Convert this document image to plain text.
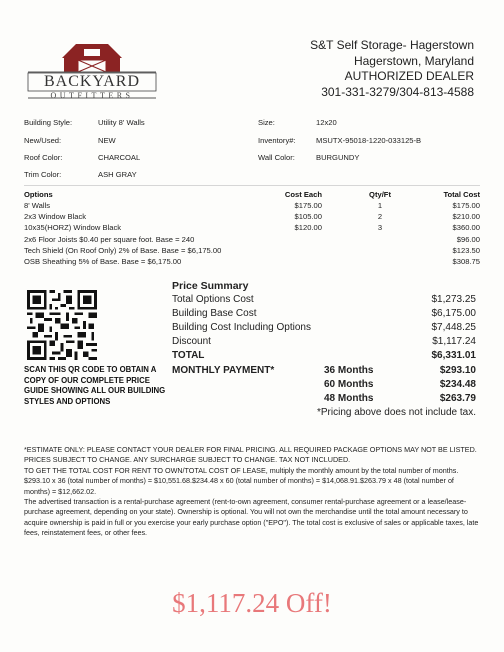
BACKYARD
OUTFITTERS
S&T Self Storage- Hagerstown
Hagerstown, Maryland
AUTHORIZED DEALER
301-331-3279/304-813-4588
Building Style:	Utility 8' Walls	Size:	12x20
New/Used:	NEW	Inventory#:	MSUTX-95018-1220-033125-B
Roof Color:	CHARCOAL	Wall Color:	BURGUNDY
Trim Color:	ASH GRAY
Options	Cost Each	Qty/Ft	Total Cost
8' Walls	$175.00	1	$175.00
2x3 Window Black	$105.00	2	$210.00
10x35(HORZ) Window Black	$120.00	3	$360.00
2x6 Floor Joists $0.40 per square foot. Base = 240	$96.00
Tech Shield (On Roof Only) 2% of Base. Base = $6,175.00	$123.50
OSB Sheathing 5% of Base. Base = $6,175.00	$308.75
SCAN THIS QR CODE TO OBTAIN A COPY OF OUR COMPLETE PRICE GUIDE SHOWING ALL OUR BUILDING STYLES AND OPTIONS
Price Summary
Total Options Cost	$1,273.25
Building Base Cost	$6,175.00
Building Cost Including Options	$7,448.25
Discount	$1,117.24
TOTAL	$6,331.01
MONTHLY PAYMENT*	36 Months	$293.10
60 Months	$234.48
48 Months	$263.79
*Pricing above does not include tax.

*ESTIMATE ONLY: PLEASE CONTACT YOUR DEALER FOR FINAL PRICING. ALL REQUIRED PACKAGE OPTIONS MAY NOT BE LISTED. PRICES SUBJECT TO CHANGE. ANY SURCHARGE SUBJECT TO CHANGE. TAX NOT INCLUDED.

TO GET THE TOTAL COST FOR RENT TO OWN/TOTAL COST OF LEASE, multiply the monthly amount by the total number of months.

$293.10 x 36 (total number of months) = $10,551.68.$234.48 x 60 (total number of months) = $14,068.91.$263.79 x 48 (total number of months) = $12,662.02.

The advertised transaction is a rental-purchase agreement (rent-to-own agreement, consumer rental-purchase agreement or a lease/lease-purchase agreement, depending on your state). Ownership is optional. You will not own the merchandise until the total amount necessary to acquire ownership is paid in full or you exercise your early purchase option ("EPO"). The total cost is exclusive of sales or applicable taxes, late fees, reinstatement fees, or other fees.

$1,117.24 Off!
